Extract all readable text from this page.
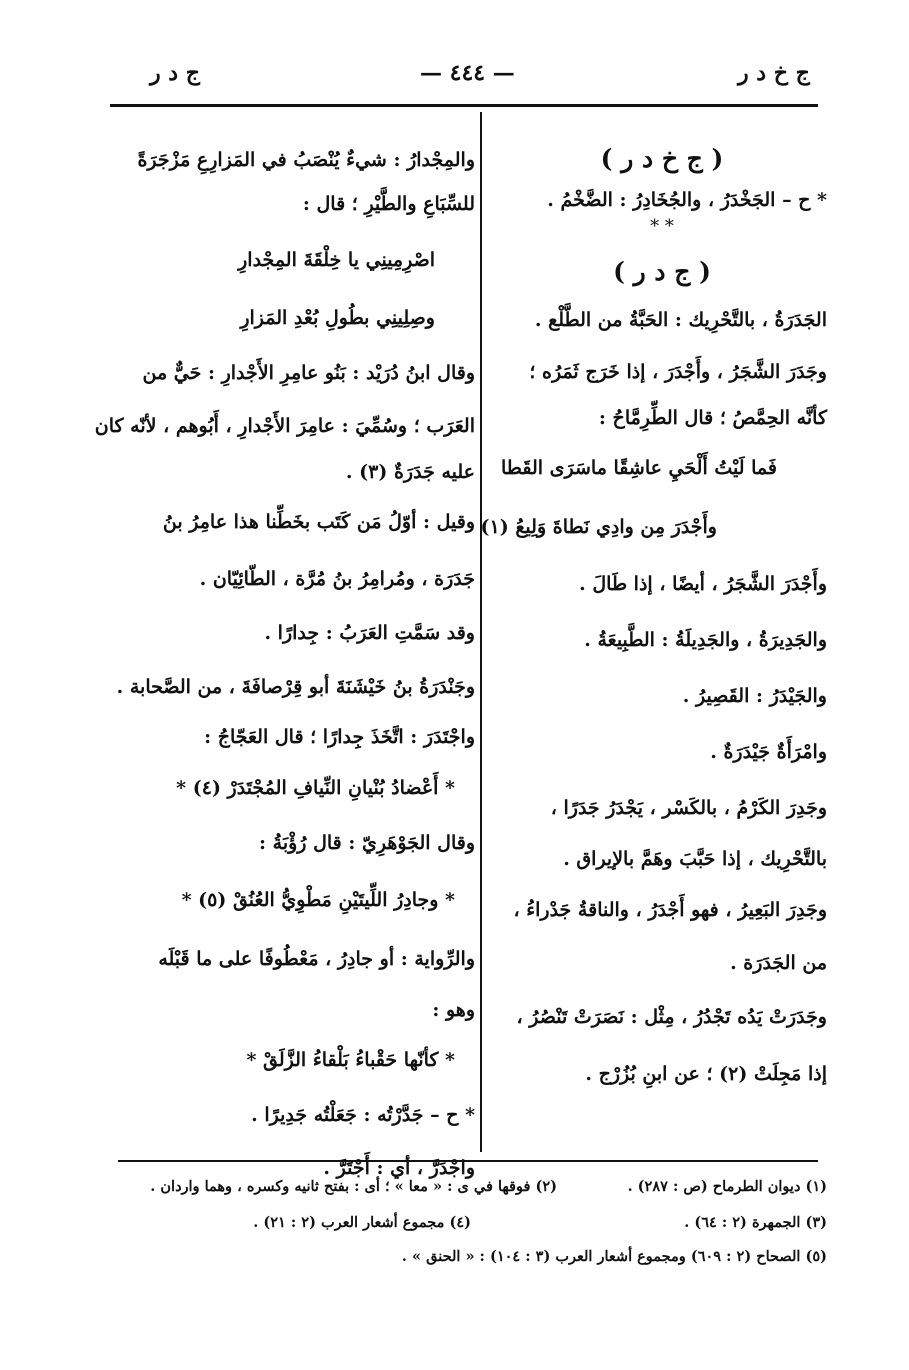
ج د ر	— ٤٤٤ —	ج خ د ر
( ج خ د ر )

* ح – الجَخْدَرُ ، والجُخَادِرُ : الضَّخْمُ .

* *
( ج د ر )

الجَدَرَةُ ، بالتَّحْرِيك : الحَبَّةُ من الطَّلْع .

وجَدَرَ الشَّجَرُ ، وأَجْدَرَ ، إذا خَرَج ثَمَرُه ؛

كأنَّه الحِمَّصُ ؛ قال الطِّرِمَّاحُ :

فَما لَيْتُ أَلْحَيِ عاشِقًا ماسَرَى القَطا

وأَجْدَرَ مِن وادِي نَطاةَ وَلِيعُ (١)

وأَجْدَرَ الشَّجَرُ ، أيضًا ، إذا طَالَ .

والجَدِيرَةُ ، والجَدِيلَةُ : الطَّبِيعَةُ .

والجَيْدَرُ : القَصِيرُ .

وامْرَأَةٌ جَيْدَرَةٌ .

وجَدِرَ الكَرْمُ ، بالكَسْر ، يَجْدَرُ جَدَرًا ،

بالتَّحْرِيك ، إذا حَبَّبَ وهَمَّ بالإيراق .

وجَدِرَ البَعِيرُ ، فهو أَجْدَرُ ، والناقةُ جَدْراءُ ،

من الجَدَرَة .

وجَدَرَتْ يَدُه تَجْدُرُ ، مِثْل : نَصَرَتْ تَنْصُرُ ،

إذا مَجِلَتْ (٢) ؛ عن ابنِ بُزُرْج .

والمِجْدارُ : شيءٌ يُنْصَبُ في المَزارِعِ مَزْجَرَةً

للسِّبَاعِ والطَّيْرِ ؛ قال :

اصْرِمِينِي يا خِلْقَةَ المِجْدارِ

وصِلِينِي بطُولِ بُعْدِ المَزارِ

وقال ابنُ دُرَيْد : بَنُو عامِرِ الأَجْدارِ : حَيٌّ من

العَرَب ؛ وسُمِّيَ : عامِرَ الأَجْدارِ ، أَبُوهم ، لأنّه كان

عليه جَدَرَةٌ (٣) .

وقيل : أوّلُ مَن كَتَب بخَطِّنا هذا عامِرُ بنُ

جَدَرَة ، ومُرامِرُ بنُ مُرَّة ، الطّائِيّان .

وقد سَمَّتِ العَرَبُ : جِدارًا .

وجَنْدَرَةُ بنُ خَيْشَنَةَ أبو قِرْصافَةَ ، من الصَّحابة .

واجْتَدَرَ : اتَّخَذَ جِدارًا ؛ قال العَجّاجُ :

* أَعْضادُ بُنْيانِ النِّيافِ المُجْتَدَرْ (٤) *

وقال الجَوْهَرِيّ : قال رُؤْبَةُ :

* وجادِرُ اللِّيتَيْنِ مَطْوِيُّ العُنُقْ (٥) *

والرِّواية : أو جادِرُ ، مَعْطُوفًا على ما قَبْلَه

وهو :

* كأنّها حَقْباءُ بَلْقاءُ الزَّلَقْ *

* ح – جَدَّرْتُه : جَعَلْتُه جَدِيرًا .

واجْدَرَّ ، أي : أَجْتَرَّ .

(١) ديوان الطرماح (ص : ٢٨٧) .
(٢) فوقها في ى : « معا » ؛ أى : بفتح ثانيه وكسره ، وهما واردان .
(٣) الجمهرة (٢ : ٦٤) .
(٤) مجموع أشعار العرب (٢ : ٢١) .
(٥) الصحاح (٢ : ٦٠٩) ومجموع أشعار العرب (٣ : ١٠٤) : « الحنق » .
